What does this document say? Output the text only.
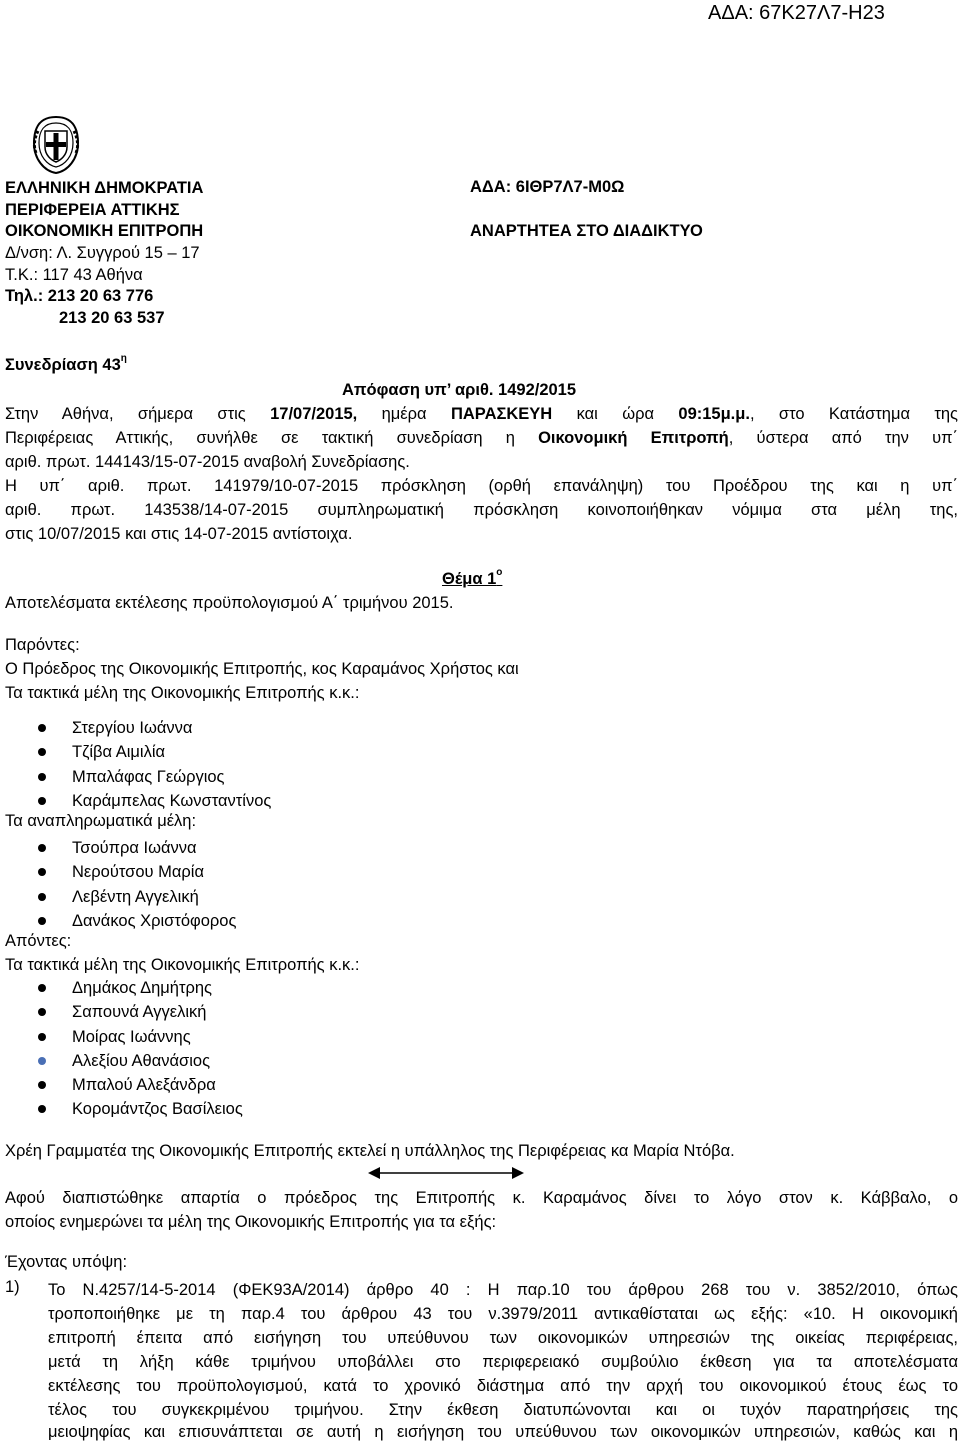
ΑΔΑ: 67Κ27Λ7-Η23
ΕΛΛΗΝΙΚΗ ΔΗΜΟΚΡΑΤΙΑ
ΠΕΡΙΦΕΡΕΙΑ ΑΤΤΙΚΗΣ
ΟΙΚΟΝΟΜΙΚΗ ΕΠΙΤΡΟΠΗ
Δ/νση: Λ. Συγγρού 15 – 17
Τ.Κ.: 117 43 Αθήνα
Τηλ.: 213 20 63 776
213 20 63 537
ΑΔΑ: 6ΙΘΡ7Λ7-Μ0Ω
ΑΝΑΡΤΗΤΕΑ ΣΤΟ ΔΙΑΔΙΚΤΥΟ
Συνεδρίαση $43^\eta$
Απόφαση υπ’ αριθ. 1492/2015
Στην Αθήνα, σήμερα στις 17/07/2015, ημέρα ΠΑΡΑΣΚΕΥΗ και ώρα 09:15μ.μ., στο Κατάστημα της
Περιφέρειας Αττικής, συνήλθε σε τακτική συνεδρίαση η Οικονομική Επιτροπή, ύστερα από την υπ΄
αριθ. πρωτ. 144143/15-07-2015 αναβολή Συνεδρίασης.
Η υπ΄ αριθ. πρωτ. 141979/10-07-2015 πρόσκληση (ορθή επανάληψη) του Προέδρου της και η υπ΄
αριθ. πρωτ. 143538/14-07-2015 συμπληρωματική πρόσκληση κοινοποιήθηκαν νόμιμα στα μέλη της,
στις 10/07/2015 και στις 14-07-2015 αντίστοιχα.
Θέμα $1^o$
Αποτελέσματα εκτέλεσης προϋπολογισμού Α΄ τριμήνου 2015.
Παρόντες:
Ο Πρόεδρος της Οικονομικής Επιτροπής, κος Καραμάνος Χρήστος και
Τα τακτικά μέλη της Οικονομικής Επιτροπής κ.κ.:
Στεργίου Ιωάννα
Τζίβα Αιμιλία
Μπαλάφας Γεώργιος
Καράμπελας Κωνσταντίνος
Τα αναπληρωματικά μέλη:
Τσούπρα Ιωάννα
Νερούτσου Μαρία
Λεβέντη Αγγελική
Δανάκος Χριστόφορος
Απόντες:
Τα τακτικά μέλη της Οικονομικής Επιτροπής κ.κ.:
Δημάκος Δημήτρης
Σαπουνά Αγγελική
Μοίρας Ιωάννης
Αλεξίου Αθανάσιος
Μπαλού Αλεξάνδρα
Κορομάντζος Βασίλειος
Χρέη Γραμματέα της Οικονομικής Επιτροπής εκτελεί η υπάλληλος της Περιφέρειας κα Μαρία Ντόβα.
Αφού διαπιστώθηκε απαρτία ο πρόεδρος της Επιτροπής κ. Καραμάνος δίνει το λόγο στον κ. Κάββαλο, ο
οποίος ενημερώνει τα μέλη της Οικονομικής Επιτροπής για τα εξής:
Έχοντας υπόψη:
1) Το Ν.4257/14-5-2014 (ΦΕΚ93Α/2014) άρθρο 40 : Η παρ.10 του άρθρου 268 του ν. 3852/2010, όπως
τροποποιήθηκε με τη παρ.4 του άρθρου 43 του ν.3979/2011 αντικαθίσταται ως εξής: «10. Η οικονομική
επιτροπή έπειτα από εισήγηση του υπεύθυνου των οικονομικών υπηρεσιών της οικείας περιφέρειας,
μετά τη λήξη κάθε τριμήνου υποβάλλει στο περιφερειακό συμβούλιο έκθεση για τα αποτελέσματα
εκτέλεσης του προϋπολογισμού, κατά το χρονικό διάστημα από την αρχή του οικονομικού έτους έως το
τέλος του συγκεκριμένου τριμήνου. Στην έκθεση διατυπώνονται και οι τυχόν παρατηρήσεις της
μειοψηφίας και επισυνάπτεται σε αυτή η εισήγηση του υπεύθυνου των οικονομικών υπηρεσιών, καθώς και η
